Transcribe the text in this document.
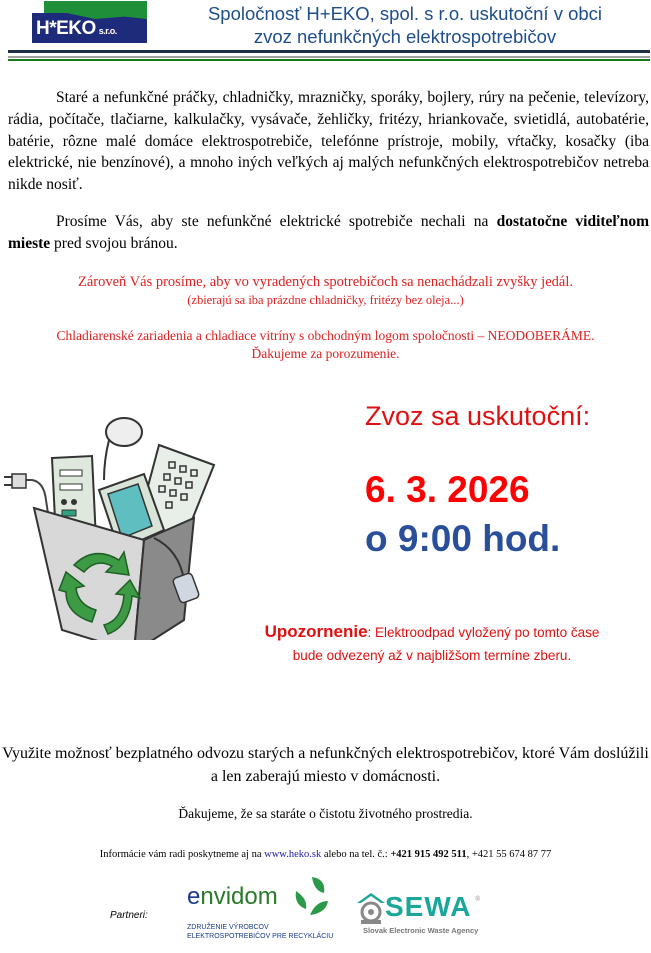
H*EKO s.r.o.
Spoločnosť H+EKO, spol. s r.o. uskutoční v obci
zvoz nefunkčných elektrospotrebičov
Staré a nefunkčné práčky, chladničky, mrazničky, sporáky, bojlery, rúry na pečenie, televízory, rádia, počítače, tlačiarne, kalkulačky, vysávače, žehličky, fritézy, hriankovače, svietidlá, autobatérie, batérie, rôzne malé domáce elektrospotrebiče, telefónne prístroje, mobily, vŕtačky, kosačky (iba elektrické, nie benzínové), a mnoho iných veľkých aj malých nefunkčných elektrospotrebičov netreba nikde nosiť.
Prosíme Vás, aby ste nefunkčné elektrické spotrebiče nechali na dostatočne viditeľnom mieste pred svojou bránou.
Zároveň Vás prosíme, aby vo vyradených spotrebičoch sa nenachádzali zvyšky jedál.
(zbierajú sa iba prázdne chladničky, fritézy bez oleja...)
Chladiarenské zariadenia a chladiace vitríny s obchodným logom spoločnosti – NEODOBERÁME.
Ďakujeme za porozumenie.
Zvoz sa uskutoční:
6. 3. 2026
o 9:00 hod.
Upozornenie: Elektroodpad vyložený po tomto čase
bude odvezený až v najbližšom termíne zberu.
Využite možnosť bezplatného odvozu starých a nefunkčných elektrospotrebičov, ktoré Vám doslúžili a len zaberajú miesto v domácnosti.
Ďakujeme, že sa staráte o čistotu životného prostredia.
Informácie vám radi poskytneme aj na www.heko.sk alebo na tel. č.: +421 915 492 511, +421 55 674 87 77
Partneri:
envidom
ZDRUŽENIE VÝROBCOV
ELEKTROSPOTREBIČOV PRE RECYKLÁCIU
SEWA ®
Slovak Electronic Waste Agency
